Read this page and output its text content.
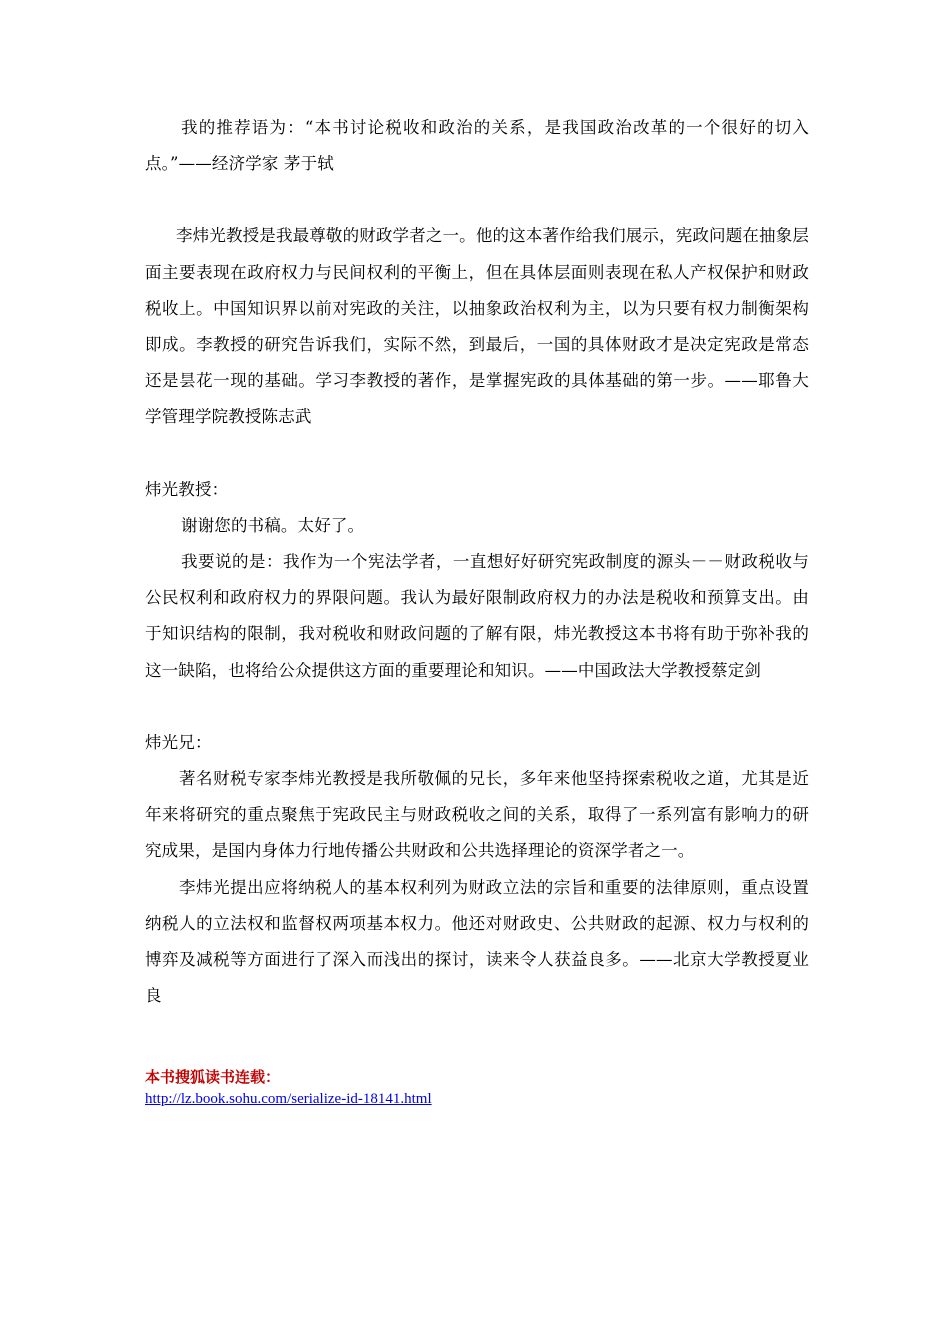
我的推荐语为：“本书讨论税收和政治的关系，是我国政治改革的一个很好的切入点。”——经济学家 茅于轼

李炜光教授是我最尊敬的财政学者之一。他的这本著作给我们展示，宪政问题在抽象层面主要表现在政府权力与民间权利的平衡上，但在具体层面则表现在私人产权保护和财政税收上。中国知识界以前对宪政的关注，以抽象政治权利为主，以为只要有权力制衡架构即成。李教授的研究告诉我们，实际不然，到最后，一国的具体财政才是决定宪政是常态还是昙花一现的基础。学习李教授的著作，是掌握宪政的具体基础的第一步。——耶鲁大学管理学院教授陈志武

炜光教授：

谢谢您的书稿。太好了。

我要说的是：我作为一个宪法学者，一直想好好研究宪政制度的源头－－财政税收与公民权利和政府权力的界限问题。我认为最好限制政府权力的办法是税收和预算支出。由于知识结构的限制，我对税收和财政问题的了解有限，炜光教授这本书将有助于弥补我的这一缺陷，也将给公众提供这方面的重要理论和知识。——中国政法大学教授蔡定剑

炜光兄：

著名财税专家李炜光教授是我所敬佩的兄长，多年来他坚持探索税收之道，尤其是近年来将研究的重点聚焦于宪政民主与财政税收之间的关系，取得了一系列富有影响力的研究成果，是国内身体力行地传播公共财政和公共选择理论的资深学者之一。

李炜光提出应将纳税人的基本权利列为财政立法的宗旨和重要的法律原则，重点设置纳税人的立法权和监督权两项基本权力。他还对财政史、公共财政的起源、权力与权利的博弈及减税等方面进行了深入而浅出的探讨，读来令人获益良多。——北京大学教授夏业良

本书搜狐读书连载：
http://lz.book.sohu.com/serialize-id-18141.html
